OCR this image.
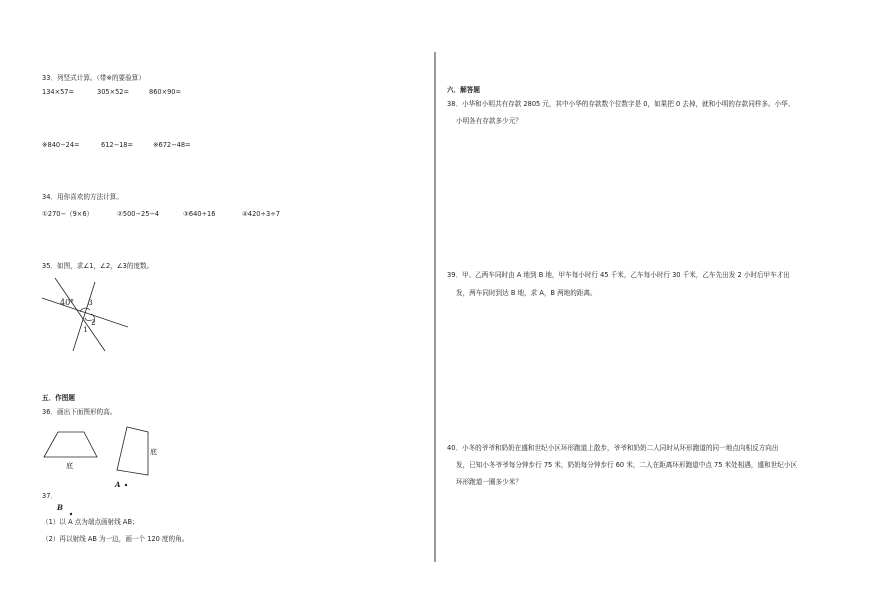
33．列竖式计算。（带※的要验算）
134×57=	305×52=	860×90=
※840−24=	612−18=	※672−48=
34．用你喜欢的方法计算。
①270−（9×6）	②500−25−4	③640÷16	④420÷3÷7
35．如图，求∠1，∠2，∠3的度数。
40° 3
2
1
五．作图题
36．画出下面图形的高。
底
底
A
B
37．
（1）以 A 点为端点画射线 AB；
（2）再以射线 AB 为一边，画一个 120 度的角。
六．解答题
38．小华和小明共有存款 2805 元，其中小华的存款数个位数字是 0，如果把 0 去掉，就和小明的存款同样多。小华、
小明各有存款多少元？
39．甲、乙两车同时由 A 地到 B 地，甲车每小时行 45 千米，乙车每小时行 30 千米，乙车先出发 2 小时后甲车才出
发，两车同时到达 B 地，求 A，B 两地的距离。
40．小冬的爷爷和奶奶在盛和世纪小区环形跑道上散步，爷爷和奶奶二人同时从环形跑道的同一地点向相反方向出
发，已知小冬爷爷每分钟步行 75 米，奶奶每分钟步行 60 米，二人在距离环形跑道中点 75 米处相遇，盛和世纪小区
环形跑道一圈多少米？
